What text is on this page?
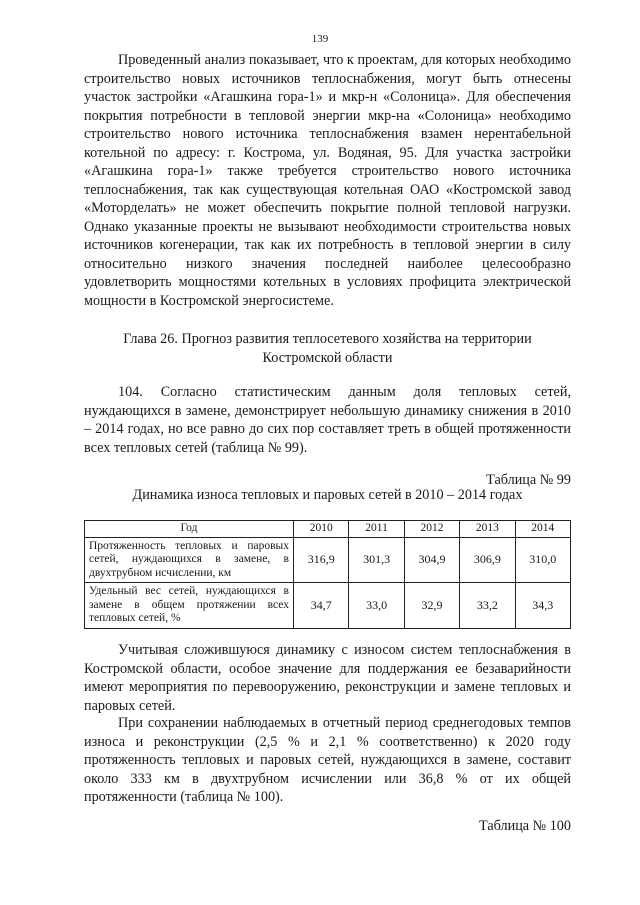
139

Проведенный анализ показывает, что к проектам, для которых необходимо строительство новых источников теплоснабжения, могут быть отнесены участок застройки «Агашкина гора-1» и мкр-н «Солоница». Для обеспечения покрытия потребности в тепловой энергии мкр-на «Солоница» необходимо строительство нового источника теплоснабжения взамен нерентабельной котельной по адресу: г. Кострома, ул. Водяная, 95. Для участка застройки «Агашкина гора-1» также требуется строительство нового источника теплоснабжения, так как существующая котельная ОАО «Костромской завод «Моторделать» не может обеспечить покрытие полной тепловой нагрузки. Однако указанные проекты не вызывают необходимости строительства новых источников когенерации, так как их потребность в тепловой энергии в силу относительно низкого значения последней наиболее целесообразно удовлетворить мощностями котельных в условиях профицита электрической мощности в Костромской энергосистеме.

Глава 26. Прогноз развития теплосетевого хозяйства на территории Костромской области

104. Согласно статистическим данным доля тепловых сетей, нуждающихся в замене, демонстрирует небольшую динамику снижения в 2010 – 2014 годах, но все равно до сих пор составляет треть в общей протяженности всех тепловых сетей (таблица № 99).

Таблица № 99

Динамика износа тепловых и паровых сетей в 2010 – 2014 годах

Год	2010	2011	2012	2013	2014
Протяженность тепловых и паровых сетей, нуждающихся в замене, в двухтрубном исчислении, км	316,9	301,3	304,9	306,9	310,0
Удельный вес сетей, нуждающихся в замене в общем протяжении всех тепловых сетей, %	34,7	33,0	32,9	33,2	34,3

Учитывая сложившуюся динамику с износом систем теплоснабжения в Костромской области, особое значение для поддержания ее безаварийности имеют мероприятия по перевооружению, реконструкции и замене тепловых и паровых сетей.

При сохранении наблюдаемых в отчетный период среднегодовых темпов износа и реконструкции (2,5 % и 2,1 % соответственно) к 2020 году протяженность тепловых и паровых сетей, нуждающихся в замене, составит около 333 км в двухтрубном исчислении или 36,8 % от их общей протяженности (таблица № 100).

Таблица № 100
